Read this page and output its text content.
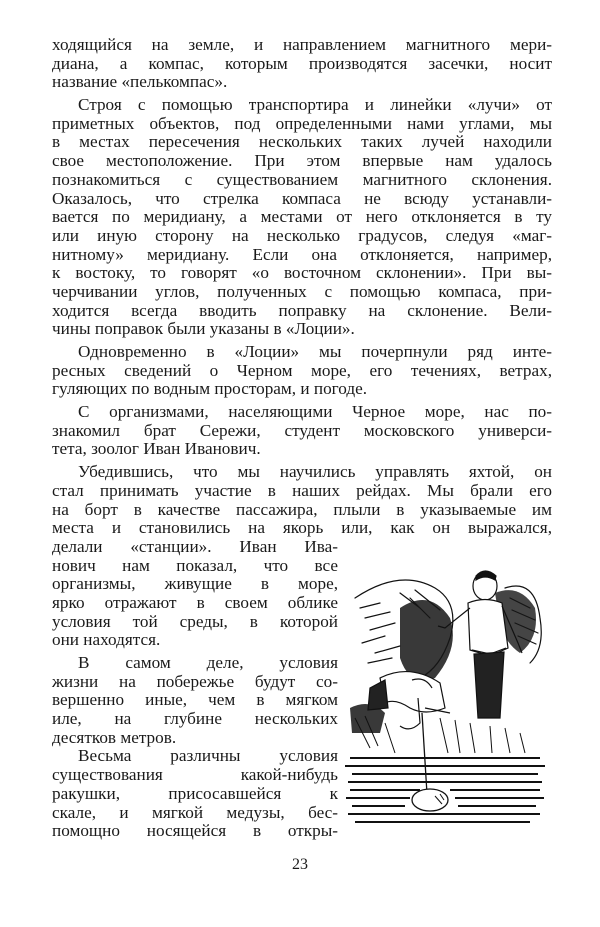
ходящийся на земле, и направлением магнитного мери-
диана, а компас, которым производятся засечки, носит
название «пелькомпас».
Строя с помощью транспортира и линейки «лучи» от
приметных объектов, под определенными нами углами, мы
в местах пересечения нескольких таких лучей находили
свое местоположение. При этом впервые нам удалось
познакомиться с существованием магнитного склонения.
Оказалось, что стрелка компаса не всюду устанавли-
вается по меридиану, а местами от него отклоняется в ту
или иную сторону на несколько градусов, следуя «маг-
нитному» меридиану. Если она отклоняется, например,
к востоку, то говорят «о восточном склонении». При вы-
черчивании углов, полученных с помощью компаса, при-
ходится всегда вводить поправку на склонение. Вели-
чины поправок были указаны в «Лоции».
Одновременно в «Лоции» мы почерпнули ряд инте-
ресных сведений о Черном море, его течениях, ветрах,
гуляющих по водным просторам, и погоде.
С организмами, населяющими Черное море, нас по-
знакомил брат Сережи, студент московского универси-
тета, зоолог Иван Иванович.
Убедившись, что мы научились управлять яхтой, он
стал принимать участие в наших рейдах. Мы брали его
на борт в качестве пассажира, плыли в указываемые им
места и становились на якорь или, как он выражался,
делали «станции». Иван Ива-
нович нам показал, что все
организмы, живущие в море,
ярко отражают в своем облике
условия той среды, в которой
они находятся.
В самом деле, условия
жизни на побережье будут со-
вершенно иные, чем в мягком
иле, на глубине нескольких
десятков метров.
Весьма различны условия
существования какой-нибудь
ракушки, присосавшейся к
скале, и мягкой медузы, бес-
помощно носящейся в откры-
23
